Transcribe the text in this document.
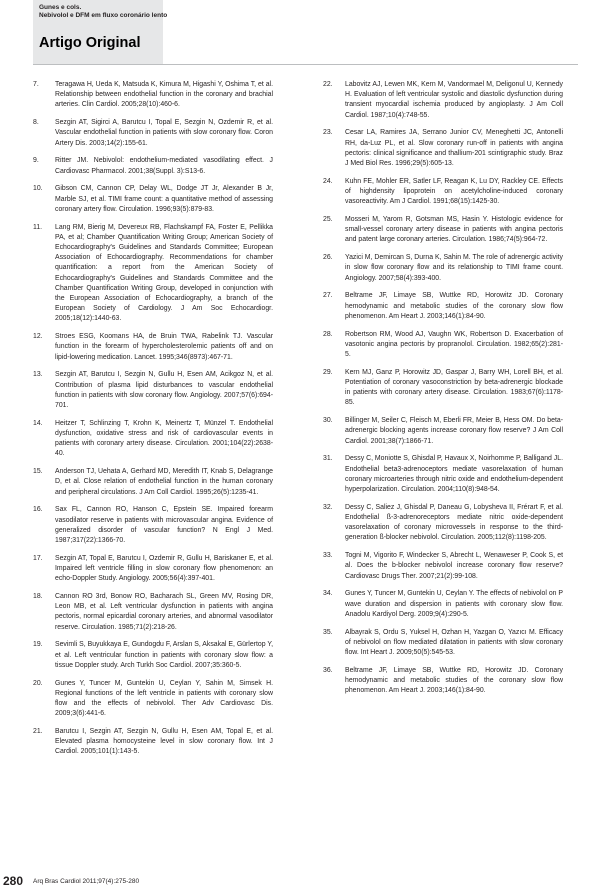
Gunes e cols.
Nebivolol e DFM em fluxo coronário lento
Artigo Original
7.	Teragawa H, Ueda K, Matsuda K, Kimura M, Higashi Y, Oshima T, et al. Relationship between endothelial function in the coronary and brachial arteries. Clin Cardiol. 2005;28(10):460-6.
8.	Sezgin AT, Sigirci A, Barutcu I, Topal E, Sezgin N, Ozdemir R, et al. Vascular endothelial function in patients with slow coronary flow. Coron Artery Dis. 2003;14(2):155-61.
9.	Ritter JM. Nebivolol: endothelium-mediated vasodilating effect. J Cardiovasc Pharmacol. 2001;38(Suppl. 3):S13-6.
10.	Gibson CM, Cannon CP, Delay WL, Dodge JT Jr, Alexander B Jr, Marble SJ, et al. TIMI frame count: a quantitative method of assessing coronary artery flow. Circulation. 1996;93(5):879-83.
11.	Lang RM, Bierig M, Devereux RB, Flachskampf FA, Foster E, Pellikka PA, et al; Chamber Quantification Writing Group; American Society of Echocardiography's Guidelines and Standards Committee; European Association of Echocardiography. Recommendations for chamber quantification: a report from the American Society of Echocardiography's Guidelines and Standards Committee and the Chamber Quantification Writing Group, developed in conjunction with the European Association of Echocardiography, a branch of the European Society of Cardiology. J Am Soc Echocardiogr. 2005;18(12):1440-63.
12.	Stroes ESG, Koomans HA, de Bruin TWA, Rabelink TJ. Vascular function in the forearm of hypercholesterolemic patients off and on lipid-lowering medication. Lancet. 1995;346(8973):467-71.
13.	Sezgin AT, Barutcu I, Sezgin N, Gullu H, Esen AM, Acikgoz N, et al. Contribution of plasma lipid disturbances to vascular endothelial function in patients with slow coronary flow. Angiology. 2007;57(6):694-701.
14.	Heitzer T, Schlinzing T, Krohn K, Meinertz T, Münzel T. Endothelial dysfunction, oxidative stress and risk of cardiovascular events in patients with coronary artery disease. Circulation. 2001;104(22):2638-40.
15.	Anderson TJ, Uehata A, Gerhard MD, Meredith IT, Knab S, Delagrange D, et al. Close relation of endothelial function in the human coronary and peripheral circulations. J Am Coll Cardiol. 1995;26(5):1235-41.
16.	Sax FL, Cannon RO, Hanson C, Epstein SE. Impaired forearm vasodilator reserve in patients with microvascular angina. Evidence of generalized disorder of vascular function? N Engl J Med. 1987;317(22):1366-70.
17.	Sezgin AT, Topal E, Barutcu I, Ozdemir R, Gullu H, Bariskaner E, et al. Impaired left ventricle filling in slow coronary flow phenomenon: an echo-Doppler Study. Angiology. 2005;56(4):397-401.
18.	Cannon RO 3rd, Bonow RO, Bacharach SL, Green MV, Rosing DR, Leon MB, et al. Left ventricular dysfunction in patients with angina pectoris, normal epicardial coronary arteries, and abnormal vasodilator reserve. Circulation. 1985;71(2):218-26.
19.	Sevimli S, Buyukkaya E, Gundogdu F, Arslan S, Aksakal E, Gürlertop Y, et al. Left ventricular function in patients with coronary slow flow: a tissue Doppler study. Arch Turkh Soc Cardiol. 2007;35:360-5.
20.	Gunes Y, Tuncer M, Guntekin U, Ceylan Y, Sahin M, Simsek H. Regional functions of the left ventricle in patients with coronary slow flow and the effects of nebivolol. Ther Adv Cardiovasc Dis. 2009;3(6):441-6.
21.	Barutcu I, Sezgin AT, Sezgin N, Gullu H, Esen AM, Topal E, et al. Elevated plasma homocysteine level in slow coronary flow. Int J Cardiol. 2005;101(1):143-5.
22.	Labovitz AJ, Lewen MK, Kern M, Vandormael M, Deligonul U, Kennedy H. Evaluation of left ventricular systolic and diastolic dysfunction during transient myocardial ischemia produced by angioplasty. J Am Coll Cardiol. 1987;10(4):748-55.
23.	Cesar LA, Ramires JA, Serrano Junior CV, Meneghetti JC, Antonelli RH, da-Luz PL, et al. Slow coronary run-off in patients with angina pectoris: clinical significance and thallium-201 scintigraphic study. Braz J Med Biol Res. 1996;29(5):605-13.
24.	Kuhn FE, Mohler ER, Satler LF, Reagan K, Lu DY, Rackley CE. Effects of highdensity lipoprotein on acetylcholine-induced coronary vasoreactivity. Am J Cardiol. 1991;68(15):1425-30.
25.	Mosseri M, Yarom R, Gotsman MS, Hasin Y. Histologic evidence for small-vessel coronary artery disease in patients with angina pectoris and patent large coronary arteries. Circulation. 1986;74(5):964-72.
26.	Yazici M, Demircan S, Durna K, Sahin M. The role of adrenergic activity in slow flow coronary flow and its relationship to TIMI frame count. Angiology. 2007;58(4):393-400.
27.	Beltrame JF, Limaye SB, Wuttke RD, Horowitz JD. Coronary hemodynamic and metabolic studies of the coronary slow flow phenomenon. Am Heart J. 2003;146(1):84-90.
28.	Robertson RM, Wood AJ, Vaughn WK, Robertson D. Exacerbation of vasotonic angina pectoris by propranolol. Circulation. 1982;65(2):281-5.
29.	Kern MJ, Ganz P, Horowitz JD, Gaspar J, Barry WH, Lorell BH, et al. Potentiation of coronary vasoconstriction by beta-adrenergic blockade in patients with coronary artery disease. Circulation. 1983;67(6):1178-85.
30.	Billinger M, Seiler C, Fleisch M, Eberli FR, Meier B, Hess OM. Do beta-adrenergic blocking agents increase coronary flow reserve? J Am Coll Cardiol. 2001;38(7):1866-71.
31.	Dessy C, Moniotte S, Ghisdal P, Havaux X, Noirhomme P, Balligand JL. Endothelial beta3-adrenoceptors mediate vasorelaxation of human coronary microarteries through nitric oxide and endothelium-dependent hyperpolarization. Circulation. 2004;110(8):948-54.
32.	Dessy C, Saliez J, Ghisdal P, Daneau G, Lobysheva II, Frérart F, et al. Endothelial ß-3-adrenoreceptors mediate nitric oxide-dependent vasorelaxation of coronary microvessels in response to the third-generation ß-blocker nebivolol. Circulation. 2005;112(8):1198-205.
33.	Togni M, Vigorito F, Windecker S, Abrecht L, Wenaweser P, Cook S, et al. Does the b-blocker nebivolol increase coronary flow reserve? Cardiovasc Drugs Ther. 2007;21(2):99-108.
34.	Gunes Y, Tuncer M, Guntekin U, Ceylan Y. The effects of nebivolol on P wave duration and dispersion in patients with coronary slow flow. Anadolu Kardiyol Derg. 2009;9(4):290-5.
35.	Albayrak S, Ordu S, Yuksel H, Ozhan H, Yazgan O, Yazıcı M. Efficacy of nebivolol on flow mediated dilatation in patients with slow coronary flow. Int Heart J. 2009;50(5):545-53.
36.	Beltrame JF, Limaye SB, Wuttke RD, Horowitz JD. Coronary hemodynamic and metabolic studies of the coronary slow flow phenomenon. Am Heart J. 2003;146(1):84-90.
280 Arq Bras Cardiol 2011;97(4):275-280
